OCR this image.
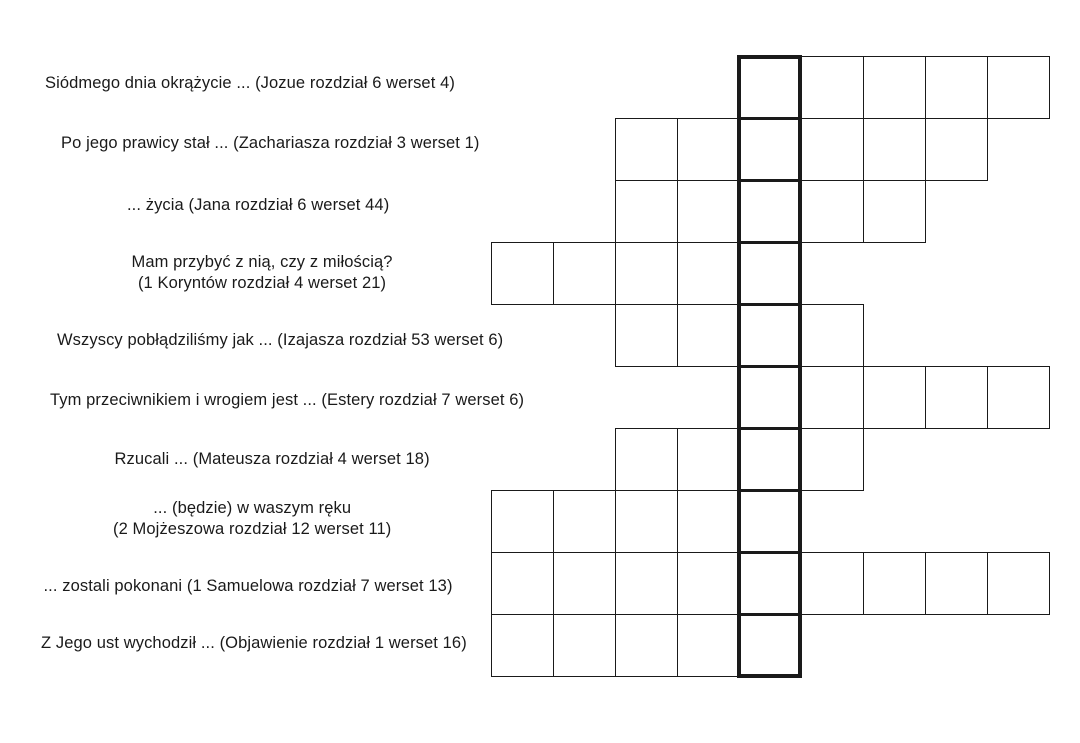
Siódmego dnia okrążycie ... (Jozue rozdział 6 werset 4)
Po jego prawicy stał ... (Zachariasza rozdział 3 werset 1)
... życia (Jana rozdział 6 werset 44)
Mam przybyć z nią, czy z miłością?
(1 Koryntów rozdział 4 werset 21)
Wszyscy pobłądziliśmy jak ... (Izajasza rozdział 53 werset 6)
Tym przeciwnikiem i wrogiem jest ... (Estery rozdział 7 werset 6)
Rzucali ... (Mateusza rozdział 4 werset 18)
... (będzie) w waszym ręku
(2 Mojżeszowa rozdział 12 werset 11)
... zostali pokonani (1 Samuelowa rozdział 7 werset 13)
Z Jego ust wychodził ... (Objawienie rozdział 1 werset 16)
